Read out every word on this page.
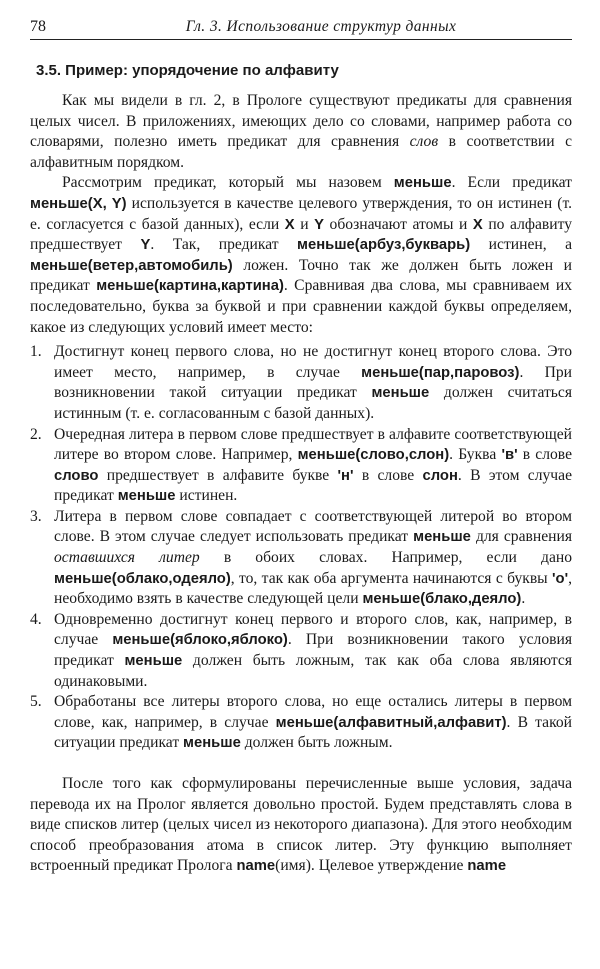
78	Гл. 3. Использование структур данных
3.5. Пример: упорядочение по алфавиту

Как мы видели в гл. 2, в Прологе существуют предикаты для сравнения целых чисел. В приложениях, имеющих дело со словами, например работа со словарями, полезно иметь предикат для сравнения слов в соответствии с алфавитным порядком.

Рассмотрим предикат, который мы назовем меньше. Если предикат меньше(X, Y) используется в качестве целевого утверждения, то он истинен (т. е. согласуется с базой данных), если X и Y обозначают атомы и X по алфавиту предшествует Y. Так, предикат меньше(арбуз,букварь) истинен, а меньше(ветер,автомобиль) ложен. Точно так же должен быть ложен и предикат меньше(картина,картина). Сравнивая два слова, мы сравниваем их последовательно, буква за буквой и при сравнении каждой буквы определяем, какое из следующих условий имеет место:

1. Достигнут конец первого слова, но не достигнут конец второго слова. Это имеет место, например, в случае меньше(пар,паровоз). При возникновении такой ситуации предикат меньше должен считаться истинным (т. е. согласованным с базой данных).
2. Очередная литера в первом слове предшествует в алфавите соответствующей литере во втором слове. Например, меньше(слово,слон). Буква 'в' в слове слово предшествует в алфавите букве 'н' в слове слон. В этом случае предикат меньше истинен.
3. Литера в первом слове совпадает с соответствующей литерой во втором слове. В этом случае следует использовать предикат меньше для сравнения оставшихся литер в обоих словах. Например, если дано меньше(облако,одеяло), то, так как оба аргумента начинаются с буквы 'о', необходимо взять в качестве следующей цели меньше(блако,деяло).
4. Одновременно достигнут конец первого и второго слов, как, например, в случае меньше(яблоко,яблоко). При возникновении такого условия предикат меньше должен быть ложным, так как оба слова являются одинаковыми.
5. Обработаны все литеры второго слова, но еще остались литеры в первом слове, как, например, в случае меньше(алфавитный,алфавит). В такой ситуации предикат меньше должен быть ложным.

После того как сформулированы перечисленные выше условия, задача перевода их на Пролог является довольно простой. Будем представлять слова в виде списков литер (целых чисел из некоторого диапазона). Для этого необходим способ преобразования атома в список литер. Эту функцию выполняет встроенный предикат Пролога name(имя). Целевое утверждение name
